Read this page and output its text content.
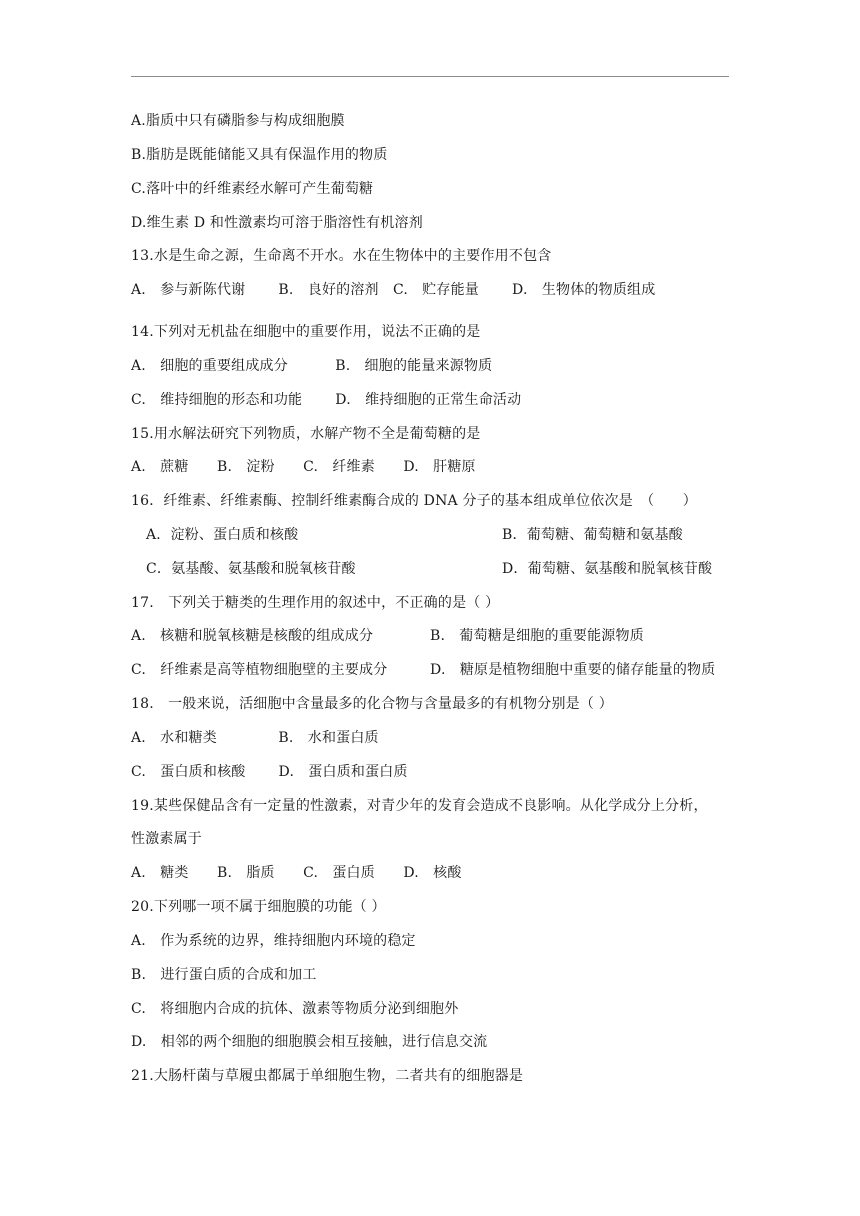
A.脂质中只有磷脂参与构成细胞膜
B.脂肪是既能储能又具有保温作用的物质
C.落叶中的纤维素经水解可产生葡萄糖
D.维生素 D 和性激素均可溶于脂溶性有机溶剂
13.水是生命之源，生命离不开水。水在生物体中的主要作用不包含
A.　参与新陈代谢　　 B.　良好的溶剂　C.　贮存能量　　 D.　生物体的物质组成
14.下列对无机盐在细胞中的重要作用，说法不正确的是
A.　细胞的重要组成成分　　　 B.　细胞的能量来源物质
C.　维持细胞的形态和功能　　 D.　维持细胞的正常生命活动
15.用水解法研究下列物质，水解产物不全是葡萄糖的是
A.　蔗糖　　B.　淀粉　　C.　纤维素　　D.　肝糖原
16．纤维素、纤维素酶、控制纤维素酶合成的 DNA 分子的基本组成单位依次是　（　　）
A．淀粉、蛋白质和核酸	B．葡萄糖、葡萄糖和氨基酸
C．氨基酸、氨基酸和脱氧核苷酸	D．葡萄糖、氨基酸和脱氧核苷酸
17.　下列关于糖类的生理作用的叙述中，不正确的是（ ）
A.　核糖和脱氧核糖是核酸的组成成分　　　　B.　葡萄糖是细胞的重要能源物质
C.　纤维素是高等植物细胞壁的主要成分　　　D.　糖原是植物细胞中重要的储存能量的物质
18.　一般来说，活细胞中含量最多的化合物与含量最多的有机物分别是（ ）
A.　水和糖类　　　　 B.　水和蛋白质
C.　蛋白质和核酸　　 D.　蛋白质和蛋白质
19.某些保健品含有一定量的性激素，对青少年的发育会造成不良影响。从化学成分上分析，
性激素属于
A.　糖类　　B.　脂质　　C.　蛋白质　　D.　核酸
20.下列哪一项不属于细胞膜的功能（ ）
A.　作为系统的边界，维持细胞内环境的稳定
B.　进行蛋白质的合成和加工
C.　将细胞内合成的抗体、激素等物质分泌到细胞外
D.　相邻的两个细胞的细胞膜会相互接触，进行信息交流
21.大肠杆菌与草履虫都属于单细胞生物，二者共有的细胞器是
